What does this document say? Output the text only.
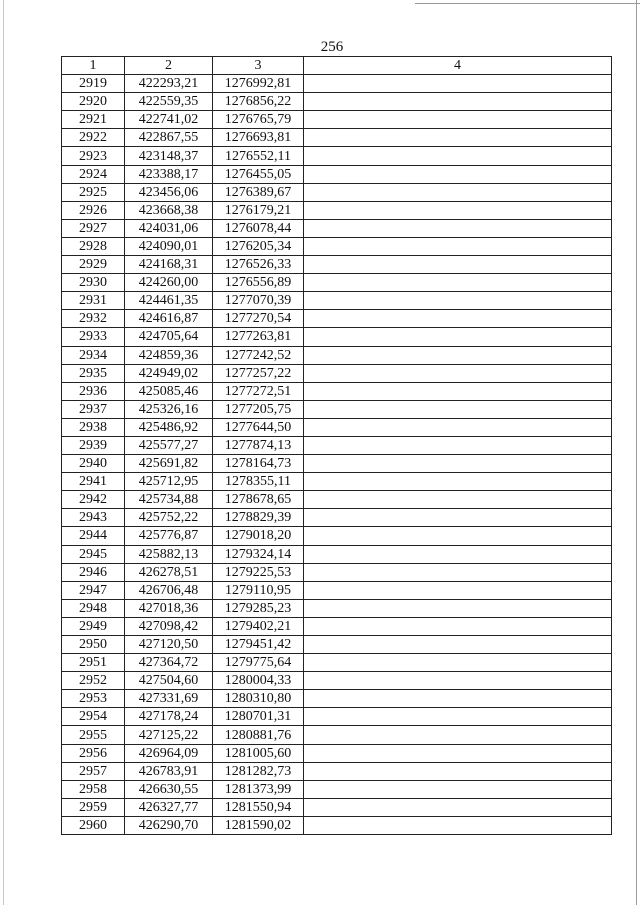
256
1	2	3	4
2919	422293,21	1276992,81	
2920	422559,35	1276856,22	
2921	422741,02	1276765,79	
2922	422867,55	1276693,81	
2923	423148,37	1276552,11	
2924	423388,17	1276455,05	
2925	423456,06	1276389,67	
2926	423668,38	1276179,21	
2927	424031,06	1276078,44	
2928	424090,01	1276205,34	
2929	424168,31	1276526,33	
2930	424260,00	1276556,89	
2931	424461,35	1277070,39	
2932	424616,87	1277270,54	
2933	424705,64	1277263,81	
2934	424859,36	1277242,52	
2935	424949,02	1277257,22	
2936	425085,46	1277272,51	
2937	425326,16	1277205,75	
2938	425486,92	1277644,50	
2939	425577,27	1277874,13	
2940	425691,82	1278164,73	
2941	425712,95	1278355,11	
2942	425734,88	1278678,65	
2943	425752,22	1278829,39	
2944	425776,87	1279018,20	
2945	425882,13	1279324,14	
2946	426278,51	1279225,53	
2947	426706,48	1279110,95	
2948	427018,36	1279285,23	
2949	427098,42	1279402,21	
2950	427120,50	1279451,42	
2951	427364,72	1279775,64	
2952	427504,60	1280004,33	
2953	427331,69	1280310,80	
2954	427178,24	1280701,31	
2955	427125,22	1280881,76	
2956	426964,09	1281005,60	
2957	426783,91	1281282,73	
2958	426630,55	1281373,99	
2959	426327,77	1281550,94	
2960	426290,70	1281590,02	
